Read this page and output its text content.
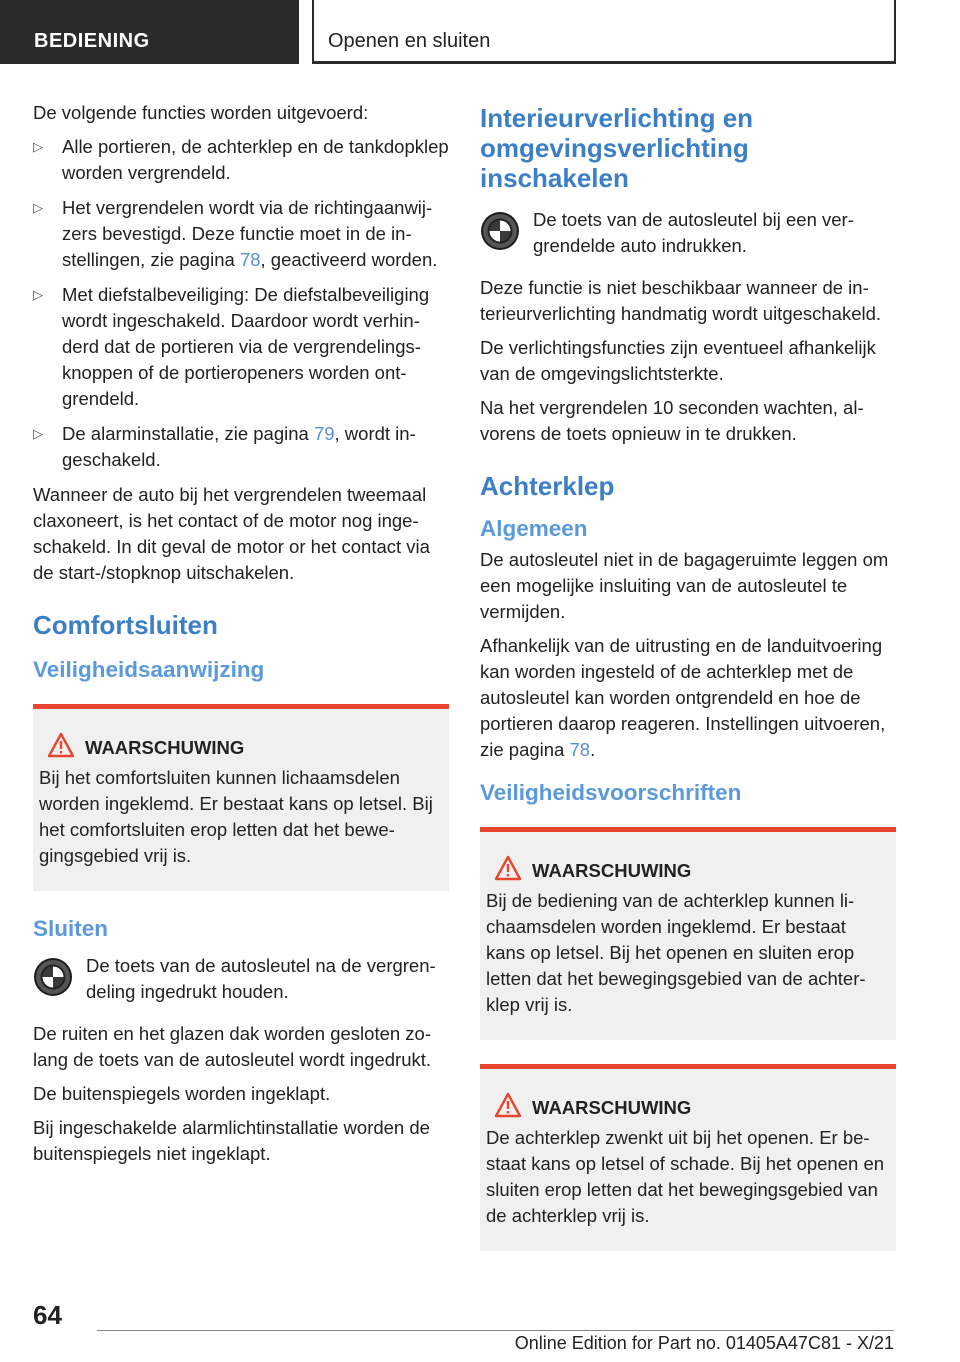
BEDIENING	Openen en sluiten

De volgende functies worden uitgevoerd:

▷ Alle portieren, de achterklep en de tankdopklep worden vergrendeld.
▷ Het vergrendelen wordt via de richtingaanwijzers bevestigd. Deze functie moet in de instellingen, zie pagina 78, geactiveerd worden.
▷ Met diefstalbeveiliging: De diefstalbeveiliging wordt ingeschakeld. Daardoor wordt verhinderd dat de portieren via de vergrendelingsknoppen of de portieropeners worden ontgrendeld.
▷ De alarminstallatie, zie pagina 79, wordt ingeschakeld.

Wanneer de auto bij het vergrendelen tweemaal claxoneert, is het contact of de motor nog ingeschakeld. In dit geval de motor or het contact via de start-/stopknop uitschakelen.

Comfortsluiten
Veiligheidsaanwijzing
WAARSCHUWING
Bij het comfortsluiten kunnen lichaamsdelen worden ingeklemd. Er bestaat kans op letsel. Bij het comfortsluiten erop letten dat het bewegingsgebied vrij is.
Sluiten
De toets van de autosleutel na de vergrendeling ingedrukt houden.

De ruiten en het glazen dak worden gesloten zolang de toets van de autosleutel wordt ingedrukt.

De buitenspiegels worden ingeklapt.

Bij ingeschakelde alarmlichtinstallatie worden de buitenspiegels niet ingeklapt.

Interieurverlichting en omgevingsverlichting inschakelen
De toets van de autosleutel bij een vergrendelde auto indrukken.

Deze functie is niet beschikbaar wanneer de interieurverlichting handmatig wordt uitgeschakeld.

De verlichtingsfuncties zijn eventueel afhankelijk van de omgevingslichtsterkte.

Na het vergrendelen 10 seconden wachten, alvorens de toets opnieuw in te drukken.

Achterklep
Algemeen

De autosleutel niet in de bagageruimte leggen om een mogelijke insluiting van de autosleutel te vermijden.

Afhankelijk van de uitrusting en de landuitvoering kan worden ingesteld of de achterklep met de autosleutel kan worden ontgrendeld en hoe de portieren daarop reageren. Instellingen uitvoeren, zie pagina 78.

Veiligheidsvoorschriften
WAARSCHUWING
Bij de bediening van de achterklep kunnen lichaamsdelen worden ingeklemd. Er bestaat kans op letsel. Bij het openen en sluiten erop letten dat het bewegingsgebied van de achterklep vrij is.
WAARSCHUWING
De achterklep zwenkt uit bij het openen. Er bestaat kans op letsel of schade. Bij het openen en sluiten erop letten dat het bewegingsgebied van de achterklep vrij is.
64
Online Edition for Part no. 01405A47C81 - X/21
